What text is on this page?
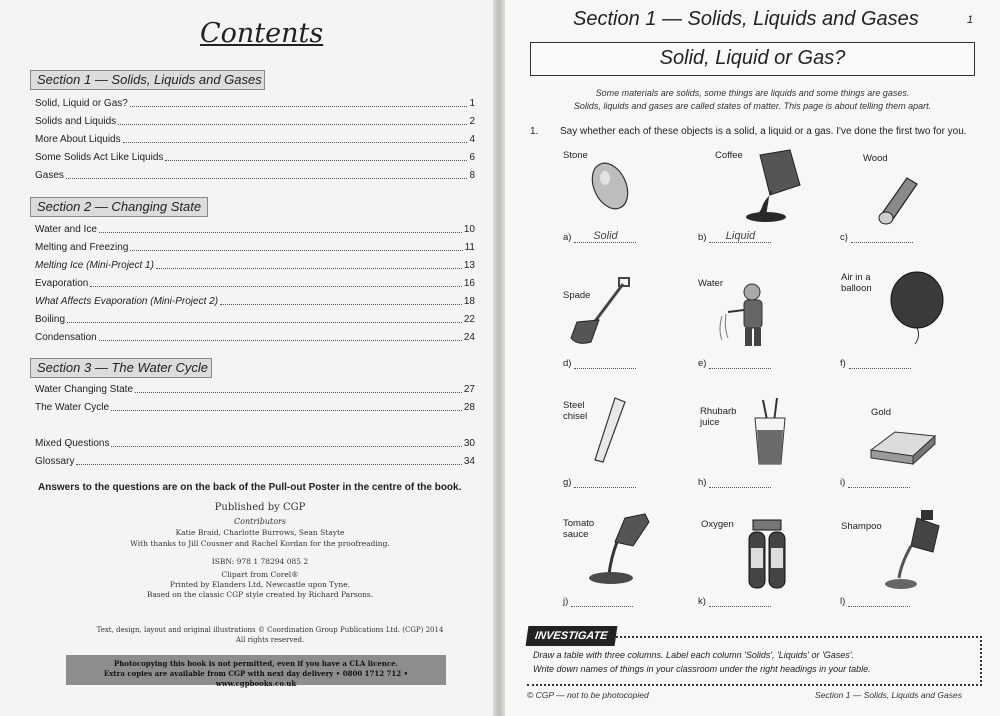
Contents
Section 1 — Solids, Liquids and Gases
Solid, Liquid or Gas?	1
Solids and Liquids	2
More About Liquids	4
Some Solids Act Like Liquids	6
Gases	8
Section 2 — Changing State
Water and Ice	10
Melting and Freezing	11
Melting Ice (Mini-Project 1)	13
Evaporation	16
What Affects Evaporation (Mini-Project 2)	18
Boiling	22
Condensation	24
Section 3 — The Water Cycle
Water Changing State	27
The Water Cycle	28
Mixed Questions	30
Glossary	34
Answers to the questions are on the back of the Pull-out Poster in the centre of the book.
Published by CGP
Contributors
Katie Braid, Charlotte Burrows, Sean Stayte
With thanks to Jill Cousner and Rachel Kordan for the proofreading.
ISBN: 978 1 78294 085 2
Clipart from Corel®
Printed by Elanders Ltd, Newcastle upon Tyne.
Based on the classic CGP style created by Richard Parsons.
Text, design, layout and original illustrations © Coordination Group Publications Ltd. (CGP) 2014
All rights reserved.
Photocopying this book is not permitted, even if you have a CLA licence.
Extra copies are available from CGP with next day delivery • 0800 1712 712 • www.cgpbooks.co.uk
Section 1 — Solids, Liquids and Gases	1
Solid, Liquid or Gas?
Some materials are solids, some things are liquids and some things are gases.
Solids, liquids and gases are called states of matter. This page is about telling them apart.
1. Say whether each of these objects is a solid, a liquid or a gas. I've done the first two for you.
Stone	Coffee	Wood
a)	Solid	b)	Liquid	c)
Spade
Water
Air in a balloon
d)	e)	f)
Steel chisel	Rhubarb juice
Gold
g)	h)	i)
Tomato sauce
Oxygen	Shampoo
j)	k)	l)
INVESTIGATE
Draw a table with three columns. Label each column 'Solids', 'Liquids' or 'Gases'.
Write down names of things in your classroom under the right headings in your table.
© CGP — not to be photocopied	Section 1 — Solids, Liquids and Gases
